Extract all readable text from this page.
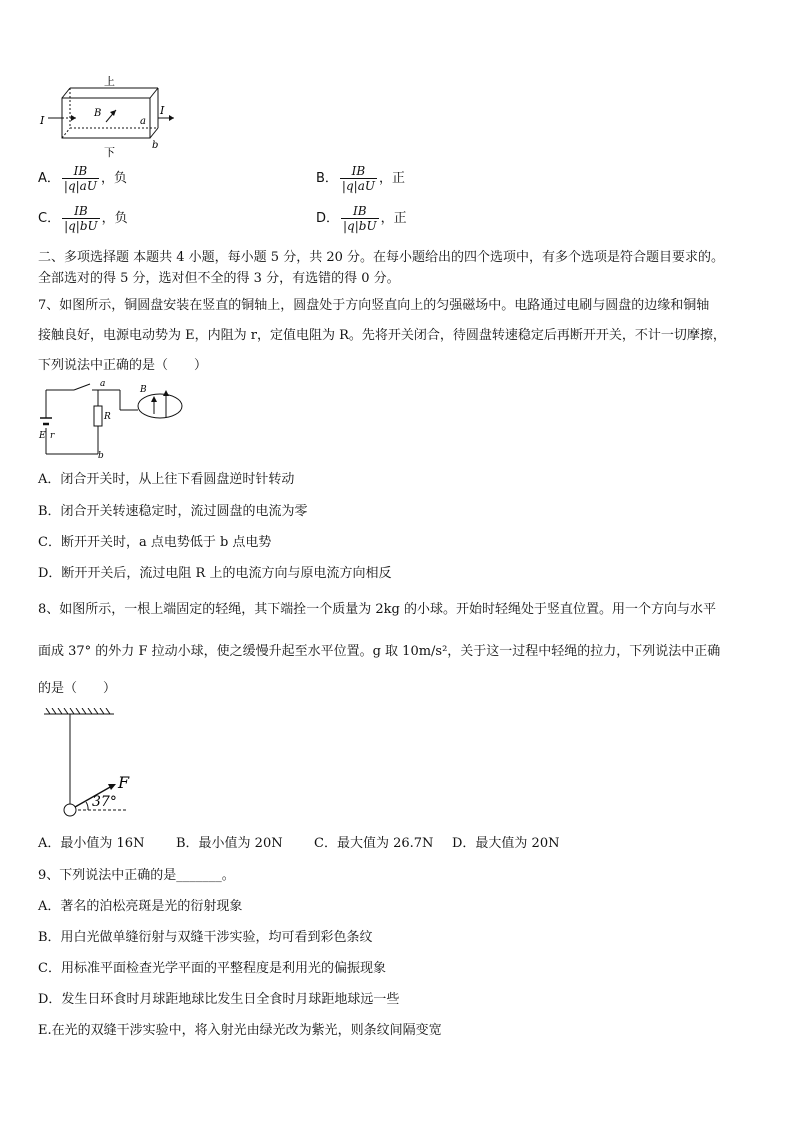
上
下
I
I
B
a
b
A． $\frac{IB}{|q|aU}$ ，负	B． $\frac{IB}{|q|aU}$ ，正
C． $\frac{IB}{|q|bU}$ ，负	D． $\frac{IB}{|q|bU}$ ，正
二、多项选择题 本题共 4 小题，每小题 5 分，共 20 分。在每小题给出的四个选项中，有多个选项是符合题目要求的。
全部选对的得 5 分，选对但不全的得 3 分，有选错的得 0 分。
7、如图所示，铜圆盘安装在竖直的铜轴上，圆盘处于方向竖直向上的匀强磁场中。电路通过电刷与圆盘的边缘和铜轴
接触良好，电源电动势为 E，内阻为 r，定值电阻为 R。先将开关闭合，待圆盘转速稳定后再断开开关，不计一切摩擦，
下列说法中正确的是（　　）
a
b
R
B
E r
A．闭合开关时，从上往下看圆盘逆时针转动
B．闭合开关转速稳定时，流过圆盘的电流为零
C．断开开关时，a 点电势低于 b 点电势
D．断开开关后，流过电阻 R 上的电流方向与原电流方向相反
8、如图所示，一根上端固定的轻绳，其下端拴一个质量为 2kg 的小球。开始时轻绳处于竖直位置。用一个方向与水平
面成 37° 的外力 F 拉动小球，使之缓慢升起至水平位置。g 取 10m/s²，关于这一过程中轻绳的拉力，下列说法中正确
的是（　　）
F
37°
A．最小值为 16N B．最小值为 20N C．最大值为 26.7N D．最大值为 20N
9、下列说法中正确的是_______。
A．著名的泊松亮斑是光的衍射现象
B．用白光做单缝衍射与双缝干涉实验，均可看到彩色条纹
C．用标准平面检查光学平面的平整程度是利用光的偏振现象
D．发生日环食时月球距地球比发生日全食时月球距地球远一些
E.在光的双缝干涉实验中，将入射光由绿光改为紫光，则条纹间隔变宽
